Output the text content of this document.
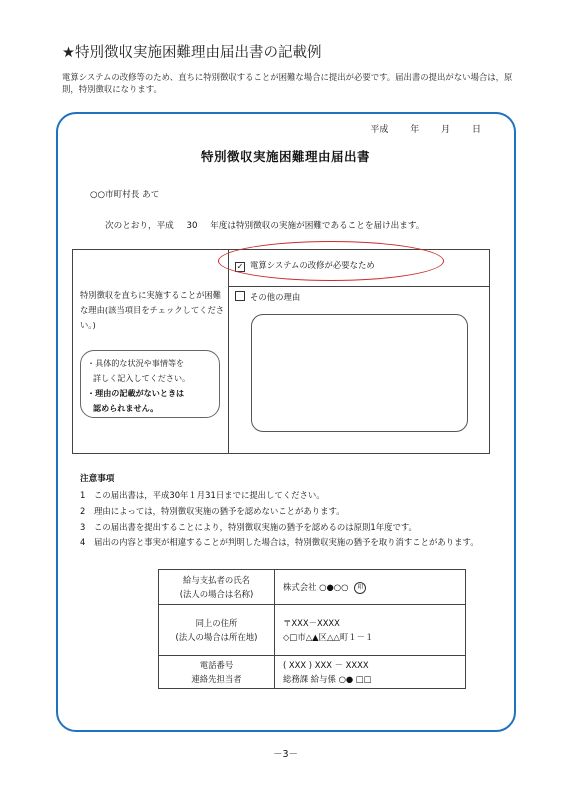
★特別徴収実施困難理由届出書の記載例
電算システムの改修等のため、直ちに特別徴収することが困難な場合に提出が必要です。届出書の提出がない場合は，原則，特別徴収になります。
平成 年 月 日
特別徴収実施困難理由届出書
○○市町村長 あて
次のとおり，平成 30 年度は特別徴収の実施が困難であることを届け出ます。
特別徴収を直ちに実施することが困難な理由(該当項目をチェックしてください。)
・具体的な状況や事情等を

詳しく記入してください。
・理由の記載がないときは

認められません。
✓ 電算システムの改修が必要なため
その他の理由
注意事項
1 この届出書は，平成30年１月31日までに提出してください。
2 理由によっては，特別徴収実施の猶予を認めないことがあります。
3 この届出書を提出することにより，特別徴収実施の猶予を認めるのは原則1年度です。
4 届出の内容と事実が相違することが判明した場合は，特別徴収実施の猶予を取り消すことがあります。
給与支払者の氏名
(法人の場合は名称)	株式会社 ○●○○ 印
同上の住所
(法人の場合は所在地)	〒XXX－XXXX
◇□市△▲区△△町１－１
電話番号
連絡先担当者	( XXX ) XXX － XXXX
総務課 給与係 ○● □□
－3－
